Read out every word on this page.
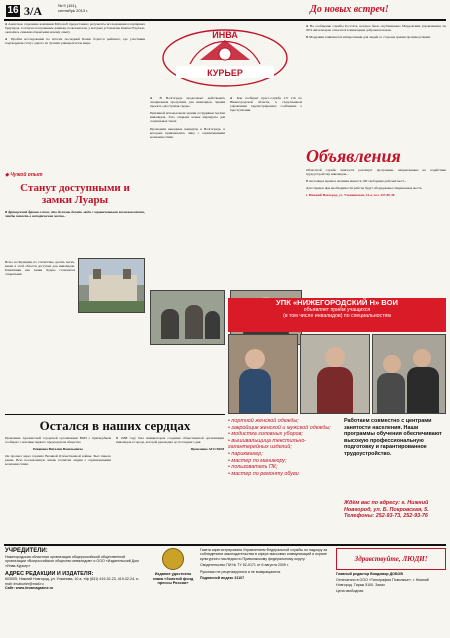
16 3/A	№ 9 (151),
сентябрь 2013 г.	До новых встреч!
ИНВА
КУРЬЕР

● Азиатское отделение компании Microsoft предоставило результаты исследования популярных браузеров. Согласно полученным данным, пользователи, у которых установлен Internet Explorer, оказались самыми открытыми новому опыту.

● Пройти исследования по итогам последней Бонна борется рейтинга, где участники подтвердили статус одного из лучших университетов мира.

◆ Чужой опыт
Станут доступными и замки Луары
В французской франш о том, что должны делать люди с ограниченными возможностями, чтобы попасть в исторические места...
Всего во Франции, по статистике, десять тысяч, какие в этой области доступна для инвалидов. Памятники как замки Луары становятся открытыми.

● В Волгограде продолжает действовать специальная программа для инвалидов. Здания проекта «Доступная среда».

Причиной использовали здания сотрудники тысячи инвалидов. Зато открыли новые маршруты для социальных такси.

Проводили выездные концерты в Волгограде, к которым привлекались лица с ограниченными возможностями.

● Как сообщает пресс-служба СУ СК по Нижегородской области, в следственном управлении зарегистрировано сообщение о преступлении.

● На сообщение службы Госстата, которое было опубликовано Мордовским управлением, на 90% жители края относятся к инвалидам доброжелательно.

В Мордовии занимаются интересными для людей со стороны зрения производствами.

Объявления

Областной службе занятости реализует программы, направленные на содействие трудоустройству инвалидов...

В настоящее время в наличии имеется 100 свободных рабочих мест...

Для справок при необходимости работы будут оборудованы специальные места.

г. Нижний Новгород, ул. Ульяновская, 24-а, тел. 437-80-48

УПК «НИЖЕГОРОДСКИЙ Н» ВОИ
объявляет приём учащихся
(в том числе инвалидов) по специальностям
• портной женской одежды;
• закройщик женской и мужской одежды;
• модистка головных уборов;
• вышивальщица текстильно-галантерейных изделий;
• парикмахер;
• мастер по маникюру;
• пользователь ПК;
• мастер по ремонту обуви
Работаем совместно с центрами занятости населения. Наши программы обучения обеспечивают высокую профессиональную подготовку и гарантированное трудоустройство.
Ждём вас по адресу: г. Нижний Новгород, ул. Б. Покровская, 5. Телефоны: 252-93-73, 252-93-76
Остался в наших сердцах

Правление Арзамасской городской организации ВОИ с прискорбием сообщает о кончине первого председателя общества

Ревякина Виталия Васильевича

Он прошел через горнило Великой Отечественной войны. Был тяжело ранен. Всю послевоенную жизнь посвятил людям с ограниченными возможностями.

В 1988 году был инициатором создания общественной организации инвалидов в городе, которой руководил до последнего дня.

Правление АГО ВОИ

УЧРЕДИТЕЛИ:
Нижегородская областная организация общероссийской общественной организации «Всероссийское общество инвалидов» и ООО «Издательский Дом «Инва-Курьер»
АДРЕС РЕДАКЦИИ И ИЗДАТЕЛЯ:
603005, Нижний Новгород, ул. Ульянова, 10 а, т/ф (831) 419-32-23, 419-32-24, e-mail: invakurier@mail.ru
Сайт: www.invamagazine.ru
Издание удостоено знака «Золотой фонд прессы России»
Газета зарегистрирована Управлением Федеральной службы по надзору за соблюдением законодательства в сфере массовых коммуникаций и охране культурного наследия по Приволжскому федеральному округу.
Свидетельство ПИ № ТУ 52-0171 от 6 августа 2009 г.
Рукописи не рецензируются и не возвращаются.
Подписной индекс 31107
Здравствуйте, ЛЮДИ!
Главный редактор Владимир ДОБОВ
Отпечатано в ООО «Типография Поволжье», г. Нижний Новгород. Тираж 5100. Заказ
Цена свободная
